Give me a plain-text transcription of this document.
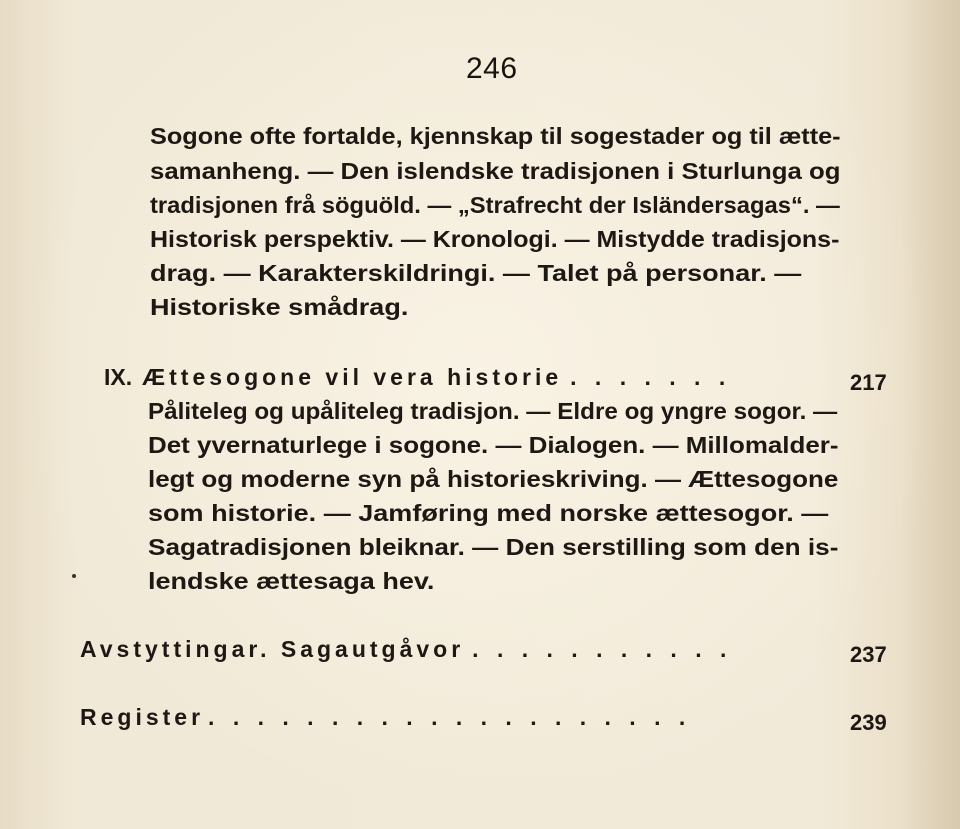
246
Sogone ofte fortalde, kjennskap til sogestader og til ætte-
samanheng. — Den islendske tradisjonen i Sturlunga og
tradisjonen frå söguöld. — „Strafrecht der Isländersagas“. —
Historisk perspektiv. — Kronologi. — Mistydde tradisjons-
drag. — Karakterskildringi. — Talet på personar. —
Historiske smådrag.
IX. Ættesogone vil vera historie . . . . . . .	217
Påliteleg og upåliteleg tradisjon. — Eldre og yngre sogor. —
Det yvernaturlege i sogone. — Dialogen. — Millomalder-
legt og moderne syn på historieskriving. — Ættesogone
som historie. — Jamføring med norske ættesogor. —
Sagatradisjonen bleiknar. — Den serstilling som den is-
lendske ættesaga hev.
Avstyttingar. Sagautgåvor . . . . . . . . . . .	237
Register . . . . . . . . . . . . . . . . . . . .	239
